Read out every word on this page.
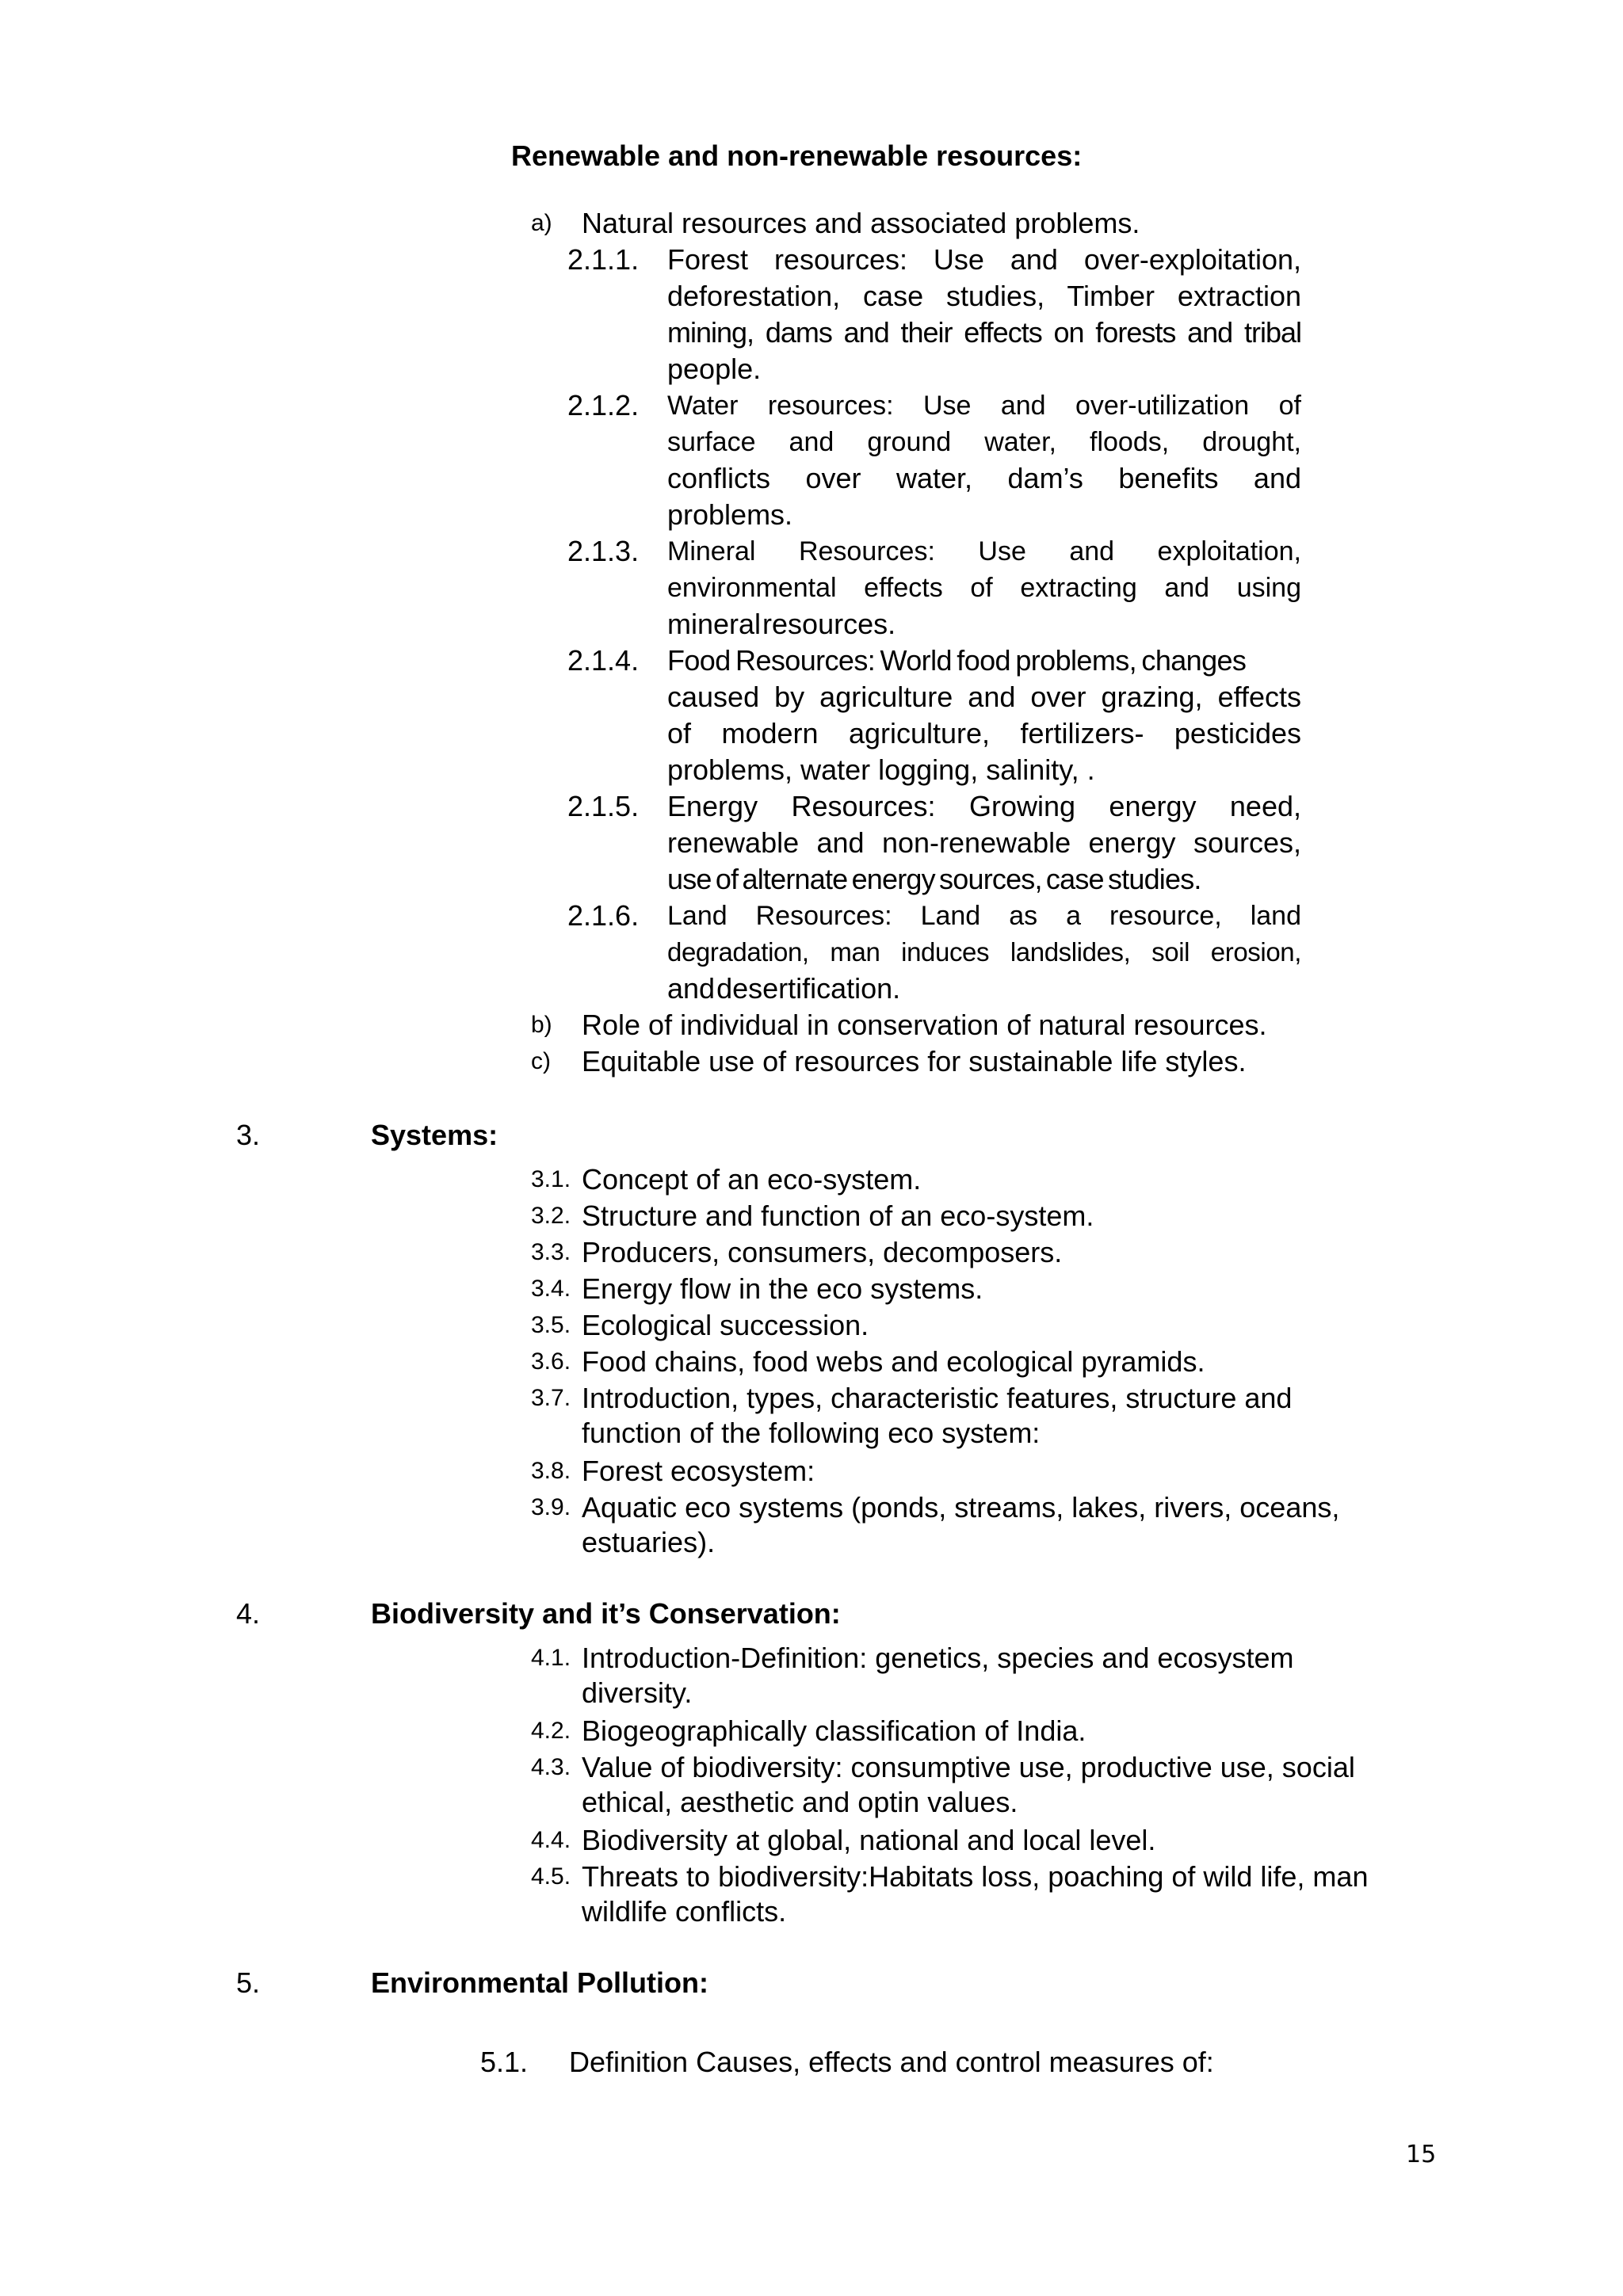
Renewable and non-renewable resources:
a) Natural resources and associated problems.
2.1.1. Forest resources: Use and over-exploitation,
deforestation, case studies, Timber extraction
mining, dams and their effects on forests and tribal
people.
2.1.2. Water resources: Use and over-utilization of
surface and ground water, floods, drought,
conflicts over water, dam’s benefits and
problems.
2.1.3. Mineral Resources: Use and exploitation,
environmental effects of extracting and using
mineral resources.
2.1.4. Food Resources: World food problems, changes
caused by agriculture and over grazing, effects
of modern agriculture, fertilizers- pesticides
problems, water logging, salinity, .
2.1.5. Energy Resources: Growing energy need,
renewable and non-renewable energy sources,
use of alternate energy sources, case studies.
2.1.6. Land Resources: Land as a resource, land
degradation, man induces landslides, soil erosion,
and desertification.
b) Role of individual in conservation of natural resources.
c) Equitable use of resources for sustainable life styles.
3.	Systems:
3.1. Concept of an eco-system.
3.2. Structure and function of an eco-system.
3.3. Producers, consumers, decomposers.
3.4. Energy flow in the eco systems.
3.5. Ecological succession.
3.6. Food chains, food webs and ecological pyramids.
3.7. Introduction, types, characteristic features, structure and
function of the following eco system:
3.8. Forest ecosystem:
3.9. Aquatic eco systems (ponds, streams, lakes, rivers, oceans,
estuaries).
4.	Biodiversity and it’s Conservation:
4.1. Introduction-Definition: genetics, species and ecosystem
diversity.
4.2. Biogeographically classification of India.
4.3. Value of biodiversity: consumptive use, productive use, social
ethical, aesthetic and optin values.
4.4. Biodiversity at global, national and local level.
4.5. Threats to biodiversity:Habitats loss, poaching of wild life, man
wildlife conflicts.
5.	Environmental Pollution:
5.1. Definition Causes, effects and control measures of:
15
